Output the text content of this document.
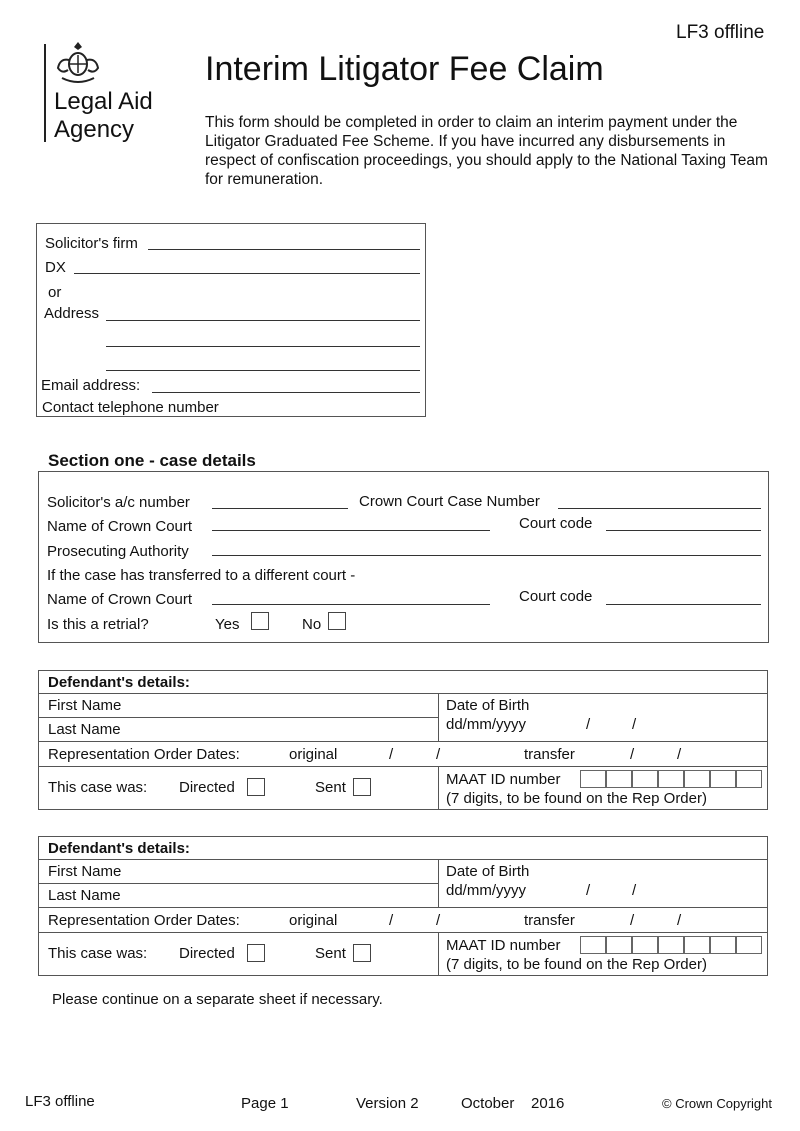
LF3 offline
Legal Aid
Agency
Interim Litigator Fee Claim
This form should be completed in order to claim an interim payment under the Litigator Graduated Fee Scheme. If you have incurred any disbursements in respect of confiscation proceedings, you should apply to the National Taxing Team for remuneration.
Solicitor's firm
DX
or
Address
Email address:
Contact telephone number
Section one - case details
Solicitor's a/c number	Crown Court Case Number
Name of Crown Court	Court code
Prosecuting Authority
If the case has transferred to a different court -
Name of Crown Court	Court code
Is this a retrial?	Yes	No
Defendant's details:
First Name
Last Name
Date of Birth
dd/mm/yyyy	/	/
Representation Order Dates:	original	/	/	transfer	/	/
This case was: Directed	Sent	MAAT ID number
(7 digits, to be found on the Rep Order)
Defendant's details:
First Name
Last Name
Date of Birth
dd/mm/yyyy	/	/
Representation Order Dates:	original	/	/	transfer	/	/
This case was: Directed	Sent	MAAT ID number
(7 digits, to be found on the Rep Order)
Please continue on a separate sheet if necessary.
LF3 offline	Page 1	Version 2	October 2016	© Crown Copyright
